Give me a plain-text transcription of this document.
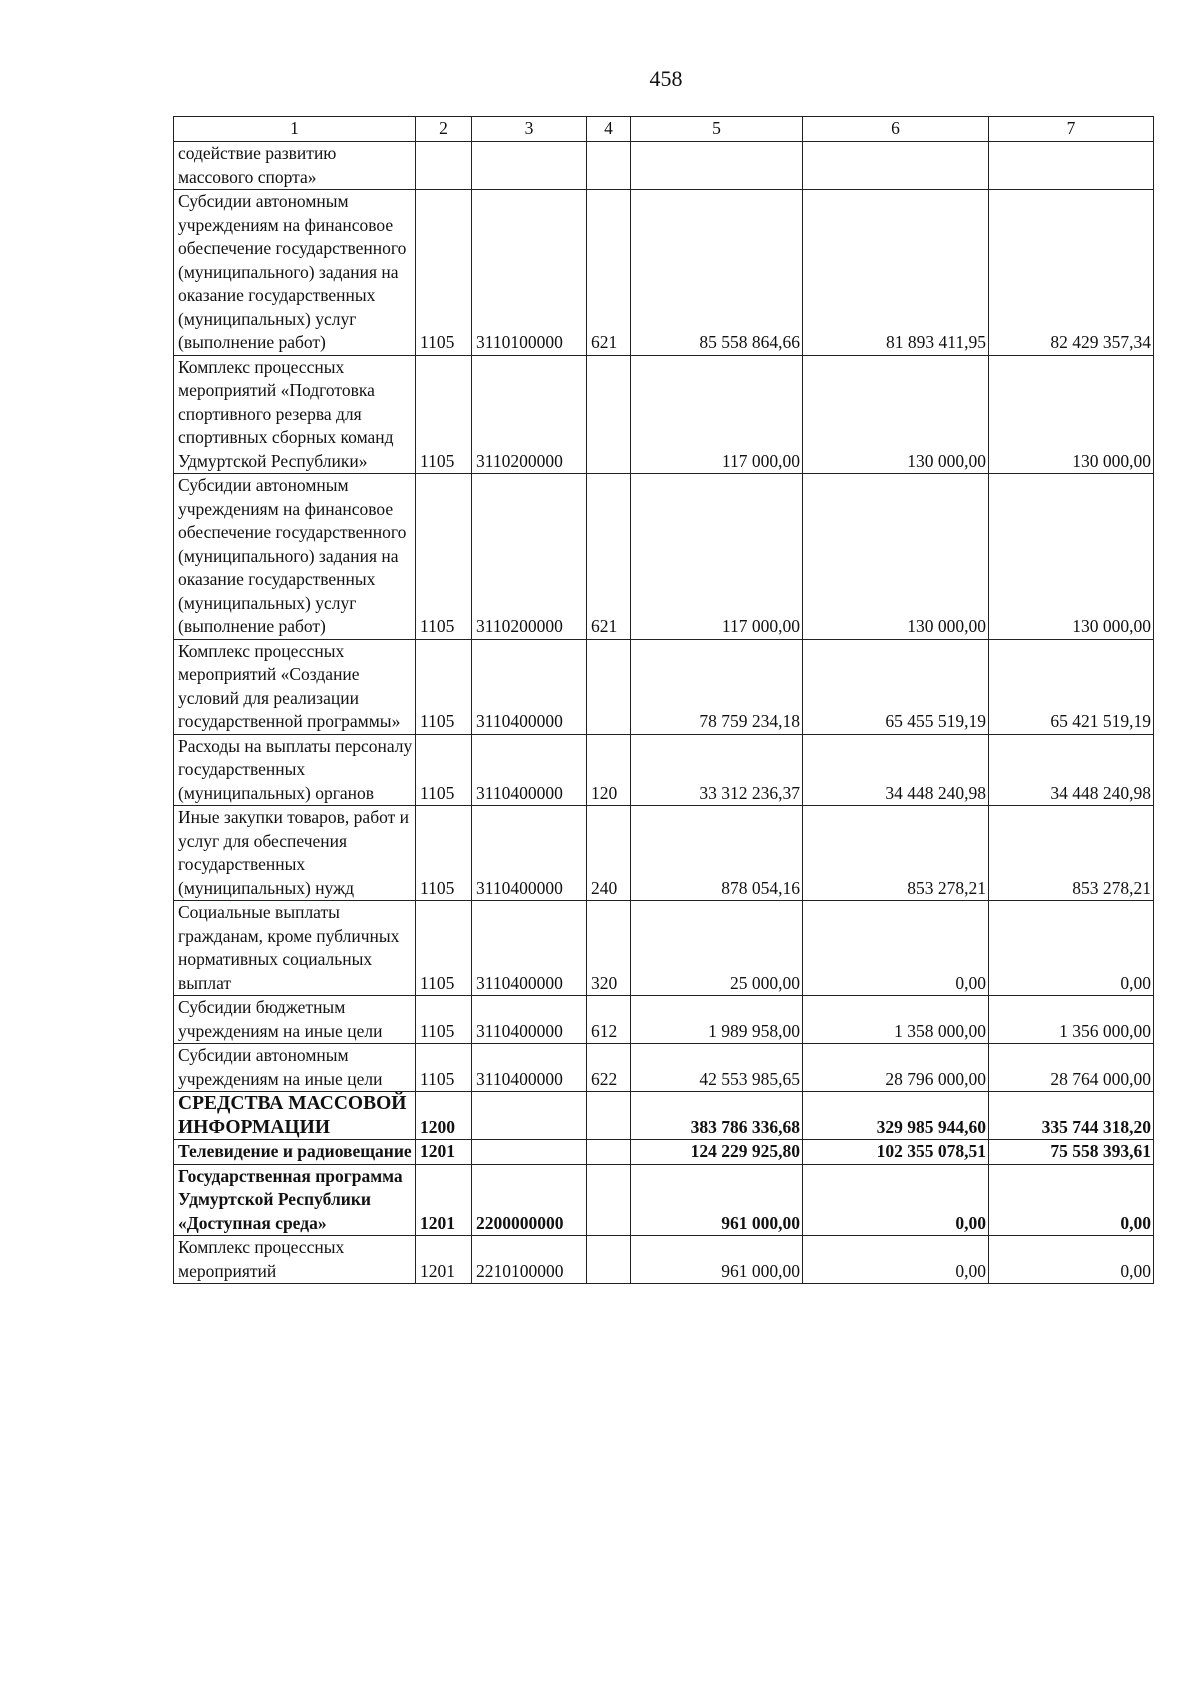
458
1	2	3	4	5	6	7
содействие развитию массового спорта»						
Субсидии автономным учреждениям на финансовое обеспечение государственного (муниципального) задания на оказание государственных (муниципальных) услуг (выполнение работ)	1105	3110100000	621	85 558 864,66	81 893 411,95	82 429 357,34
Комплекс процессных мероприятий «Подготовка спортивного резерва для спортивных сборных команд Удмуртской Республики»	1105	3110200000		117 000,00	130 000,00	130 000,00
Субсидии автономным учреждениям на финансовое обеспечение государственного (муниципального) задания на оказание государственных (муниципальных) услуг (выполнение работ)	1105	3110200000	621	117 000,00	130 000,00	130 000,00
Комплекс процессных мероприятий «Создание условий для реализации государственной программы»	1105	3110400000		78 759 234,18	65 455 519,19	65 421 519,19
Расходы на выплаты персоналу государственных (муниципальных) органов	1105	3110400000	120	33 312 236,37	34 448 240,98	34 448 240,98
Иные закупки товаров, работ и услуг для обеспечения государственных (муниципальных) нужд	1105	3110400000	240	878 054,16	853 278,21	853 278,21
Социальные выплаты гражданам, кроме публичных нормативных социальных выплат	1105	3110400000	320	25 000,00	0,00	0,00
Субсидии бюджетным учреждениям на иные цели	1105	3110400000	612	1 989 958,00	1 358 000,00	1 356 000,00
Субсидии автономным учреждениям на иные цели	1105	3110400000	622	42 553 985,65	28 796 000,00	28 764 000,00
СРЕДСТВА МАССОВОЙ ИНФОРМАЦИИ	1200			383 786 336,68	329 985 944,60	335 744 318,20
Телевидение и радиовещание	1201			124 229 925,80	102 355 078,51	75 558 393,61
Государственная программа Удмуртской Республики «Доступная среда»	1201	2200000000		961 000,00	0,00	0,00
Комплекс процессных мероприятий	1201	2210100000		961 000,00	0,00	0,00
